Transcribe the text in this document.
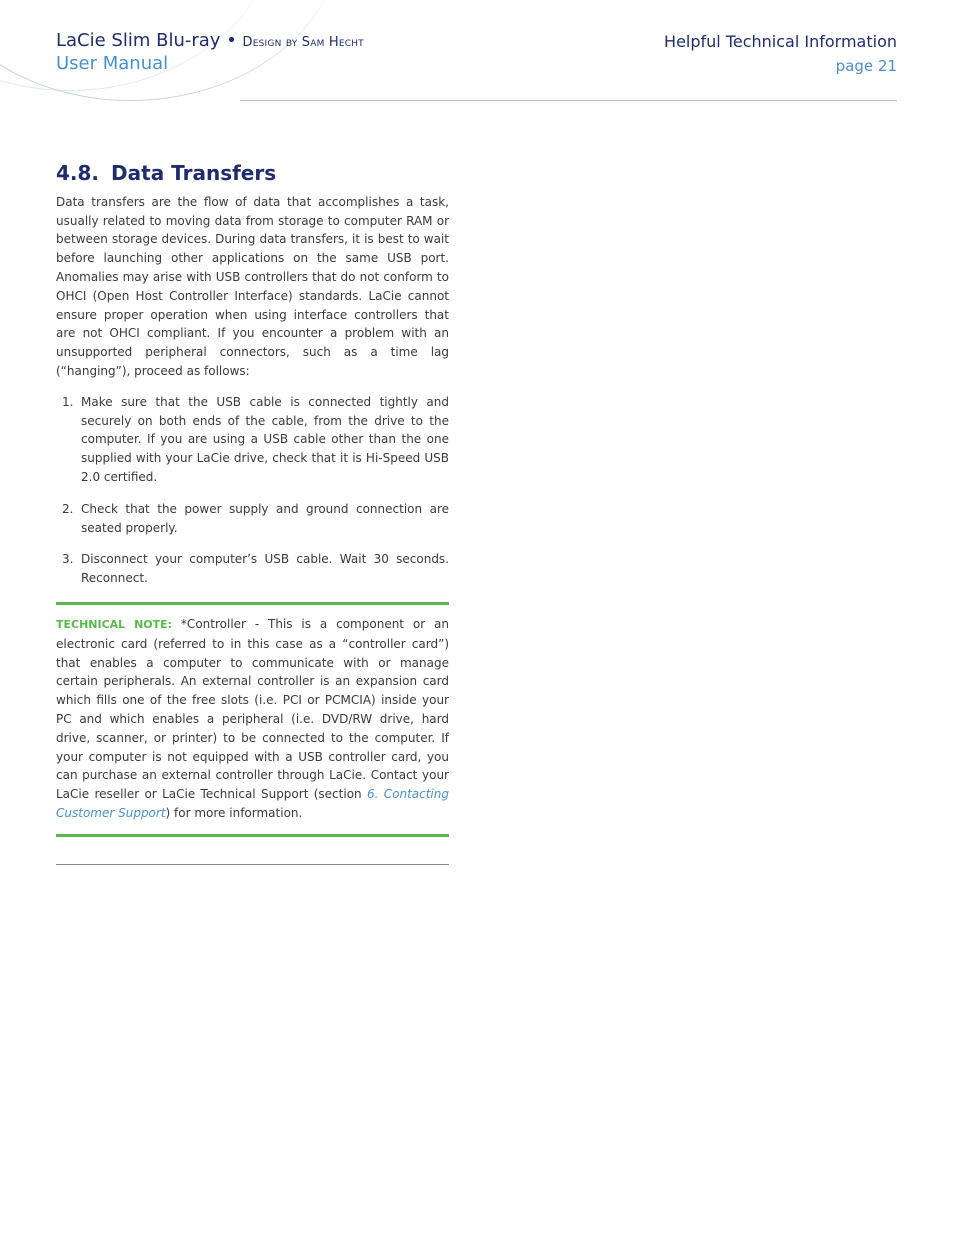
LaCie Slim Blu-ray • Design by Sam Hecht
User Manual
Helpful Technical Information
page 21
4.8. Data Transfers

Data transfers are the flow of data that accomplishes a task, usually related to moving data from storage to computer RAM or between storage devices. During data transfers, it is best to wait before launching other applications on the same USB port. Anomalies may arise with USB controllers that do not conform to OHCI (Open Host Controller Interface) standards. LaCie cannot ensure proper operation when using interface controllers that are not OHCI compliant. If you encounter a problem with an unsupported peripheral connectors, such as a time lag (“hanging”), proceed as follows:

1. Make sure that the USB cable is connected tightly and securely on both ends of the cable, from the drive to the computer. If you are using a USB cable other than the one supplied with your LaCie drive, check that it is Hi-Speed USB 2.0 certified.
2. Check that the power supply and ground connection are seated properly.
3. Disconnect your computer’s USB cable. Wait 30 seconds. Reconnect.

TECHNICAL NOTE: *Controller - This is a component or an electronic card (referred to in this case as a “controller card”) that enables a computer to communicate with or manage certain peripherals. An external controller is an expansion card which fills one of the free slots (i.e. PCI or PCMCIA) inside your PC and which enables a peripheral (i.e. DVD/RW drive, hard drive, scanner, or printer) to be connected to the computer. If your computer is not equipped with a USB controller card, you can purchase an external controller through LaCie. Contact your LaCie reseller or LaCie Technical Support (section 6. Contacting Customer Support) for more information.
